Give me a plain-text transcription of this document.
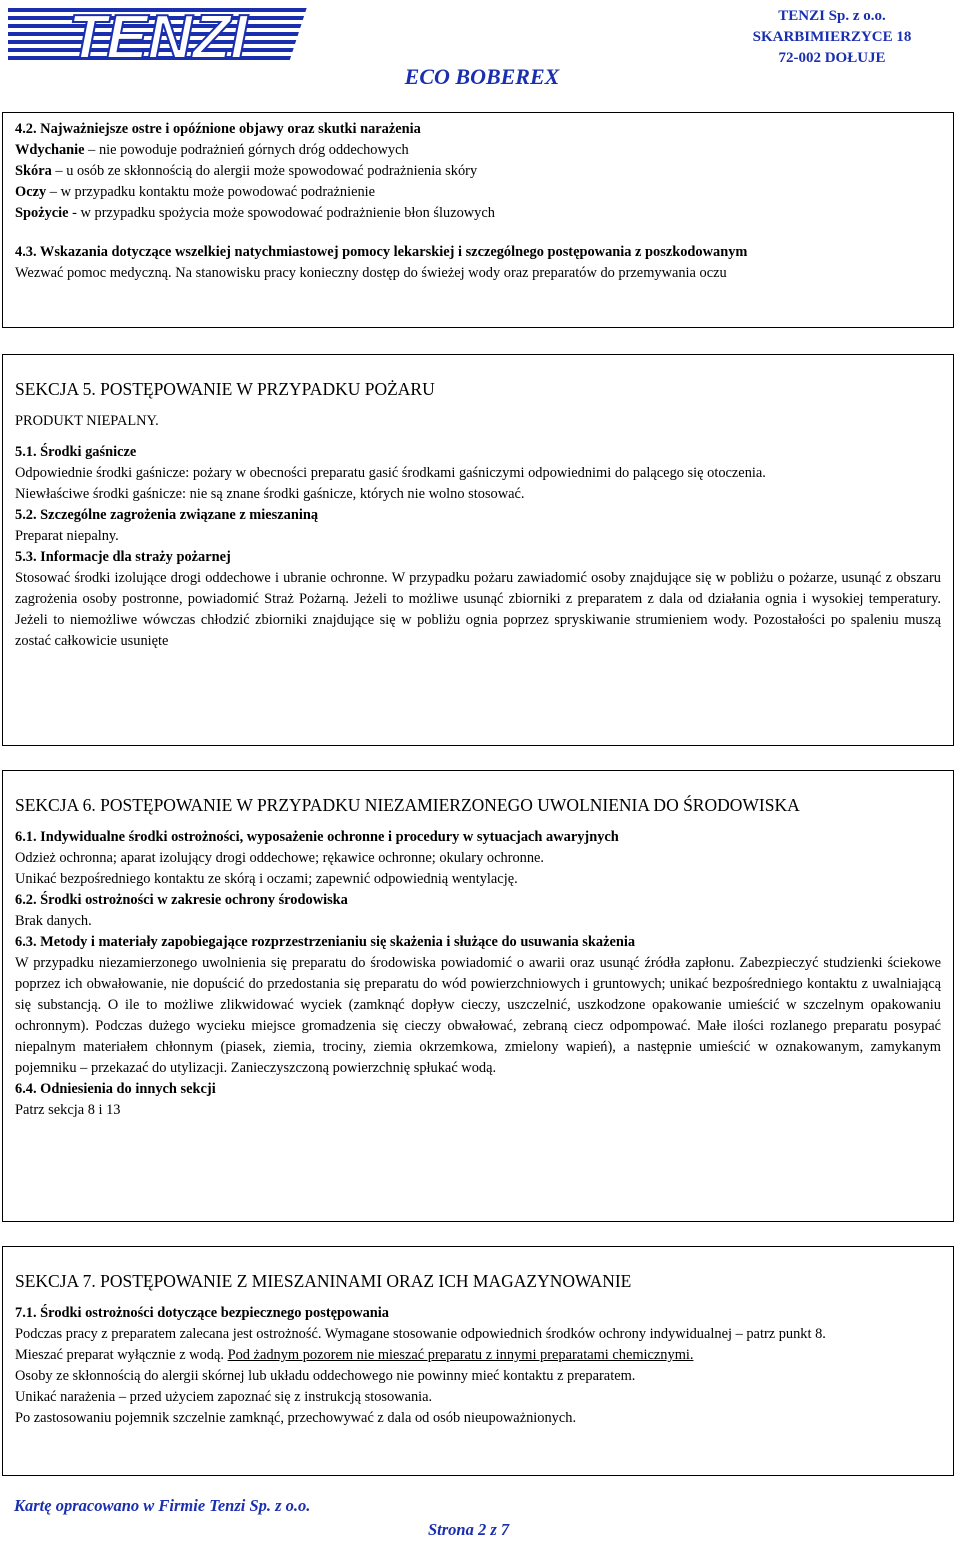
TENZI
ECO BOBEREX
TENZI Sp. z o.o.
SKARBIMIERZYCE 18
72-002 DOŁUJE

4.2. Najważniejsze ostre i opóźnione objawy oraz skutki narażenia

Wdychanie – nie powoduje podrażnień górnych dróg oddechowych

Skóra – u osób ze skłonnością do alergii może spowodować podrażnienia skóry

Oczy – w przypadku kontaktu może powodować podrażnienie

Spożycie - w przypadku spożycia może spowodować podrażnienie błon śluzowych

4.3. Wskazania dotyczące wszelkiej natychmiastowej pomocy lekarskiej i szczególnego postępowania z poszkodowanym

Wezwać pomoc medyczną. Na stanowisku pracy konieczny dostęp do świeżej wody oraz preparatów do przemywania oczu

SEKCJA 5. POSTĘPOWANIE W PRZYPADKU POŻARU

PRODUKT NIEPALNY.

5.1. Środki gaśnicze

Odpowiednie środki gaśnicze: pożary w obecności preparatu gasić środkami gaśniczymi odpowiednimi do palącego się otoczenia.

Niewłaściwe środki gaśnicze: nie są znane środki gaśnicze, których nie wolno stosować.

5.2. Szczególne zagrożenia związane z mieszaniną

Preparat niepalny.

5.3. Informacje dla straży pożarnej

Stosować środki izolujące drogi oddechowe i ubranie ochronne. W przypadku pożaru zawiadomić osoby znajdujące się w pobliżu o pożarze, usunąć z obszaru zagrożenia osoby postronne, powiadomić Straż Pożarną. Jeżeli to możliwe usunąć zbiorniki z preparatem z dala od działania ognia i wysokiej temperatury. Jeżeli to niemożliwe wówczas chłodzić zbiorniki znajdujące się w pobliżu ognia poprzez spryskiwanie strumieniem wody. Pozostałości po spaleniu muszą zostać całkowicie usunięte

SEKCJA 6. POSTĘPOWANIE W PRZYPADKU NIEZAMIERZONEGO UWOLNIENIA DO ŚRODOWISKA

6.1. Indywidualne środki ostrożności, wyposażenie ochronne i procedury w sytuacjach awaryjnych

Odzież ochronna; aparat izolujący drogi oddechowe; rękawice ochronne; okulary ochronne.

Unikać bezpośredniego kontaktu ze skórą i oczami; zapewnić odpowiednią wentylację.

6.2. Środki ostrożności w zakresie ochrony środowiska

Brak danych.

6.3. Metody i materiały zapobiegające rozprzestrzenianiu się skażenia i służące do usuwania skażenia

W przypadku niezamierzonego uwolnienia się preparatu do środowiska powiadomić o awarii oraz usunąć źródła zapłonu. Zabezpieczyć studzienki ściekowe poprzez ich obwałowanie, nie dopuścić do przedostania się preparatu do wód powierzchniowych i gruntowych; unikać bezpośredniego kontaktu z uwalniającą się substancją. O ile to możliwe zlikwidować wyciek (zamknąć dopływ cieczy, uszczelnić, uszkodzone opakowanie umieścić w szczelnym opakowaniu ochronnym). Podczas dużego wycieku miejsce gromadzenia się cieczy obwałować, zebraną ciecz odpompować. Małe ilości rozlanego preparatu posypać niepalnym materiałem chłonnym (piasek, ziemia, trociny, ziemia okrzemkowa, zmielony wapień), a następnie umieścić w oznakowanym, zamykanym pojemniku – przekazać do utylizacji. Zanieczyszczoną powierzchnię spłukać wodą.

6.4. Odniesienia do innych sekcji

Patrz sekcja 8 i 13

SEKCJA 7. POSTĘPOWANIE Z MIESZANINAMI ORAZ ICH MAGAZYNOWANIE

7.1. Środki ostrożności dotyczące bezpiecznego postępowania

Podczas pracy z preparatem zalecana jest ostrożność. Wymagane stosowanie odpowiednich środków ochrony indywidualnej – patrz punkt 8.

Mieszać preparat wyłącznie z wodą. Pod żadnym pozorem nie mieszać preparatu z innymi preparatami chemicznymi.

Osoby ze skłonnością do alergii skórnej lub układu oddechowego nie powinny mieć kontaktu z preparatem.

Unikać narażenia – przed użyciem zapoznać się z instrukcją stosowania.

Po zastosowaniu pojemnik szczelnie zamknąć, przechowywać z dala od osób nieupoważnionych.

Kartę opracowano w Firmie Tenzi Sp. z o.o.
Strona 2 z 7
